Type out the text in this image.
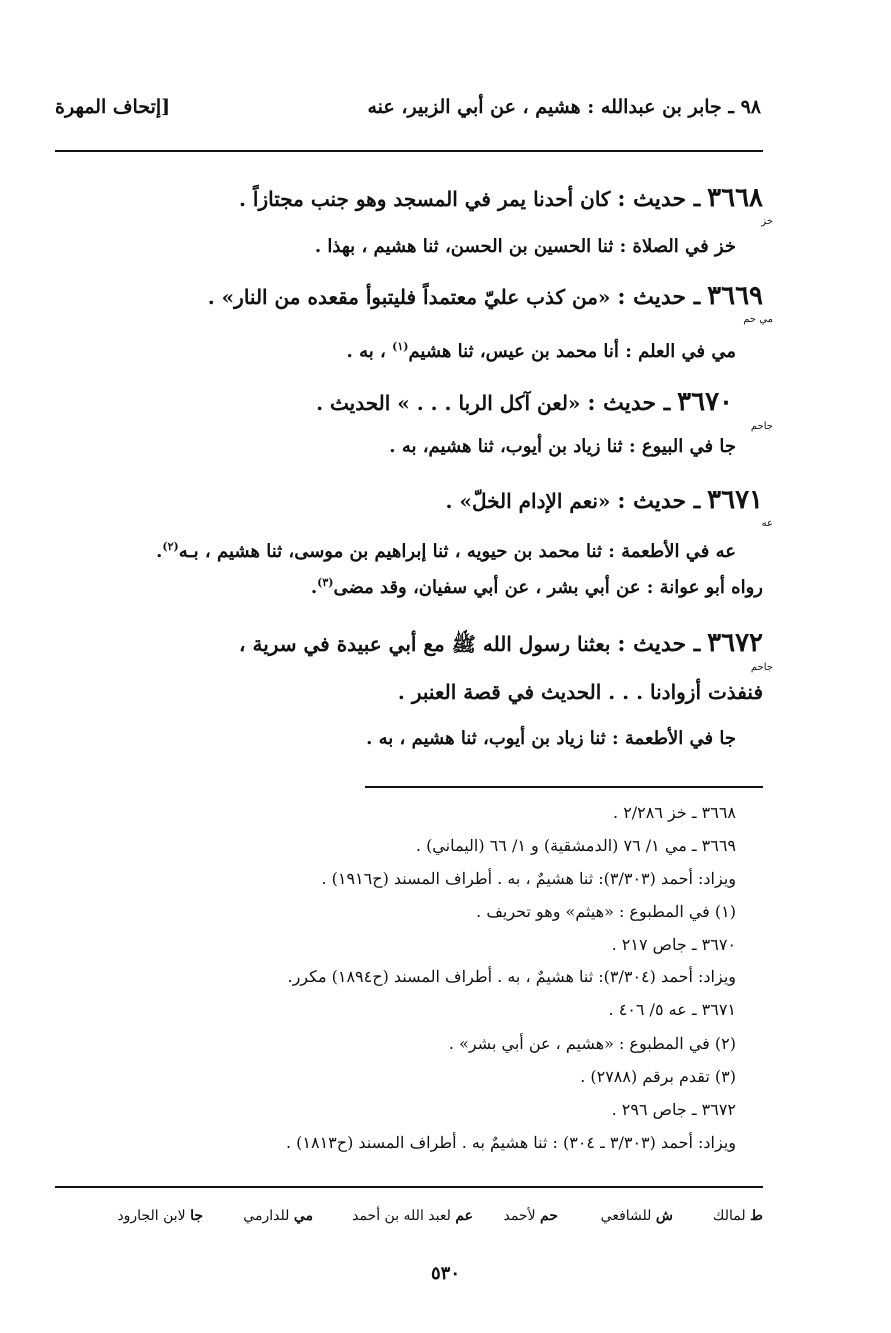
٩٨ ـ جابر بن عبدالله : هشيم ، عن أبي الزبير، عنه
[إتحاف المهرة
٣٦٦٨ ـ حديث : كان أحدنا يمر في المسجد وهو جنب مجتازاً .
خز
خز في الصلاة : ثنا الحسين بن الحسن، ثنا هشيم ، بهذا .
٣٦٦٩ ـ حديث : «من كذب عليّ معتمداً فليتبوأ مقعده من النار» .
مي حم
مي في العلم : أنا محمد بن عيس، ثنا هشيم$^{(١)}$ ، به .
٣٦٧٠ ـ حديث : «لعن آكل الربا . . . » الحديث .
جاحم
جا في البيوع : ثنا زياد بن أيوب، ثنا هشيم، به .
٣٦٧١ ـ حديث : «نعم الإدام الخلّ» .
عه
عه في الأطعمة : ثنا محمد بن حيويه ، ثنا إبراهيم بن موسى، ثنا هشيم ، بـه$^{(٢)}$.
رواه أبو عوانة : عن أبي بشر ، عن أبي سفيان، وقد مضى$^{(٣)}$.
٣٦٧٢ ـ حديث : بعثنا رسول الله ﷺ مع أبي عبيدة في سرية ،
جاحم
فنفذت أزوادنا . . . الحديث في قصة العنبر .
جا في الأطعمة : ثنا زياد بن أيوب، ثنا هشيم ، به .
٣٦٦٨ ـ خز ٢/٢٨٦ .
٣٦٦٩ ـ مي ١/ ٧٦ (الدمشقية) و ١/ ٦٦ (اليماني) .
ويزاد: أحمد (٣/٣٠٣): ثنا هشيمٌ ، به . أطراف المسند (ح١٩١٦) .
(١) في المطبوع : «هيثم» وهو تحريف .
٣٦٧٠ ـ جاص ٢١٧ .
ويزاد: أحمد (٣/٣٠٤): ثنا هشيمٌ ، به . أطراف المسند (ح١٨٩٤) مكرر.
٣٦٧١ ـ عه ٥/ ٤٠٦ .
(٢) في المطبوع : «هشيم ، عن أبي بشر» .
(٣) تقدم برقم (٢٧٨٨) .
٣٦٧٢ ـ جاص ٢٩٦ .
ويزاد: أحمد (٣/٣٠٣ ـ ٣٠٤) : ثنا هشيمٌ به . أطراف المسند (ح١٨١٣) .
ط لمالك
ش للشافعي
حم لأحمد
عم لعبد الله بن أحمد
مي للدارمي
جا لابن الجارود
٥٣٠
